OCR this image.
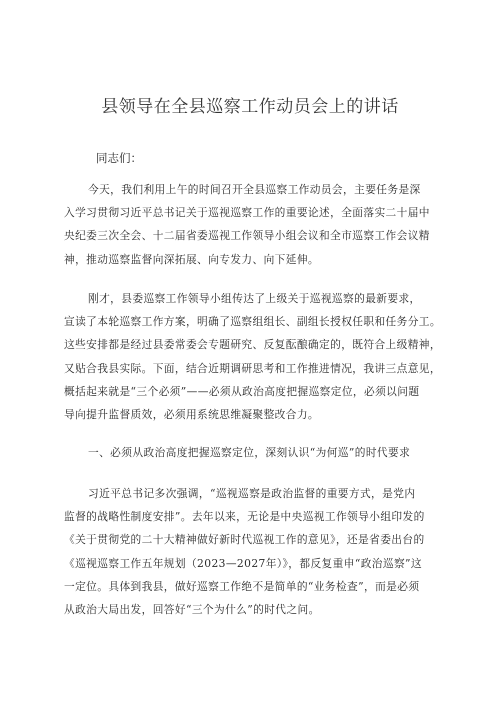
县领导在全县巡察工作动员会上的讲话
同志们：
今天，我们利用上午的时间召开全县巡察工作动员会，主要任务是深
入学习贯彻习近平总书记关于巡视巡察工作的重要论述，全面落实二十届中
央纪委三次全会、十二届省委巡视工作领导小组会议和全市巡察工作会议精
神，推动巡察监督向深拓展、向专发力、向下延伸。
刚才，县委巡察工作领导小组传达了上级关于巡视巡察的最新要求，
宣读了本轮巡察工作方案，明确了巡察组组长、副组长授权任职和任务分工。
这些安排都是经过县委常委会专题研究、反复酝酿确定的，既符合上级精神，
又贴合我县实际。下面，结合近期调研思考和工作推进情况，我讲三点意见，
概括起来就是“三个必须”——必须从政治高度把握巡察定位，必须以问题
导向提升监督质效，必须用系统思维凝聚整改合力。
一、必须从政治高度把握巡察定位，深刻认识“为何巡”的时代要求
习近平总书记多次强调，“巡视巡察是政治监督的重要方式，是党内
监督的战略性制度安排”。去年以来，无论是中央巡视工作领导小组印发的
《关于贯彻党的二十大精神做好新时代巡视工作的意见》，还是省委出台的
《巡视巡察工作五年规划（2023—2027年）》，都反复重申“政治巡察”这
一定位。具体到我县，做好巡察工作绝不是简单的“业务检查”，而是必须
从政治大局出发，回答好“三个为什么”的时代之问。
